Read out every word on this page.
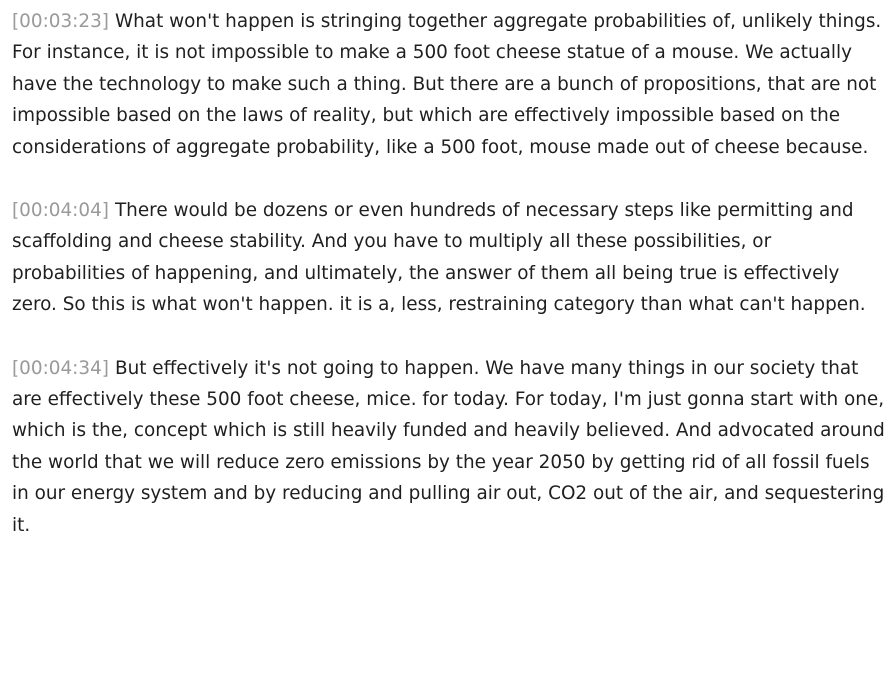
[00:03:23] What won't happen is stringing together aggregate probabilities of, unlikely things. For instance, it is not impossible to make a 500 foot cheese statue of a mouse. We actually have the technology to make such a thing. But there are a bunch of propositions, that are not impossible based on the laws of reality, but which are effectively impossible based on the considerations of aggregate probability, like a 500 foot, mouse made out of cheese because.

[00:04:04] There would be dozens or even hundreds of necessary steps like permitting and scaffolding and cheese stability. And you have to multiply all these possibilities, or probabilities of happening, and ultimately, the answer of them all being true is effectively zero. So this is what won't happen. it is a, less, restraining category than what can't happen.

[00:04:34] But effectively it's not going to happen. We have many things in our society that are effectively these 500 foot cheese, mice. for today. For today, I'm just gonna start with one, which is the, concept which is still heavily funded and heavily believed. And advocated around the world that we will reduce zero emissions by the year 2050 by getting rid of all fossil fuels in our energy system and by reducing and pulling air out, CO2 out of the air, and sequestering it.
